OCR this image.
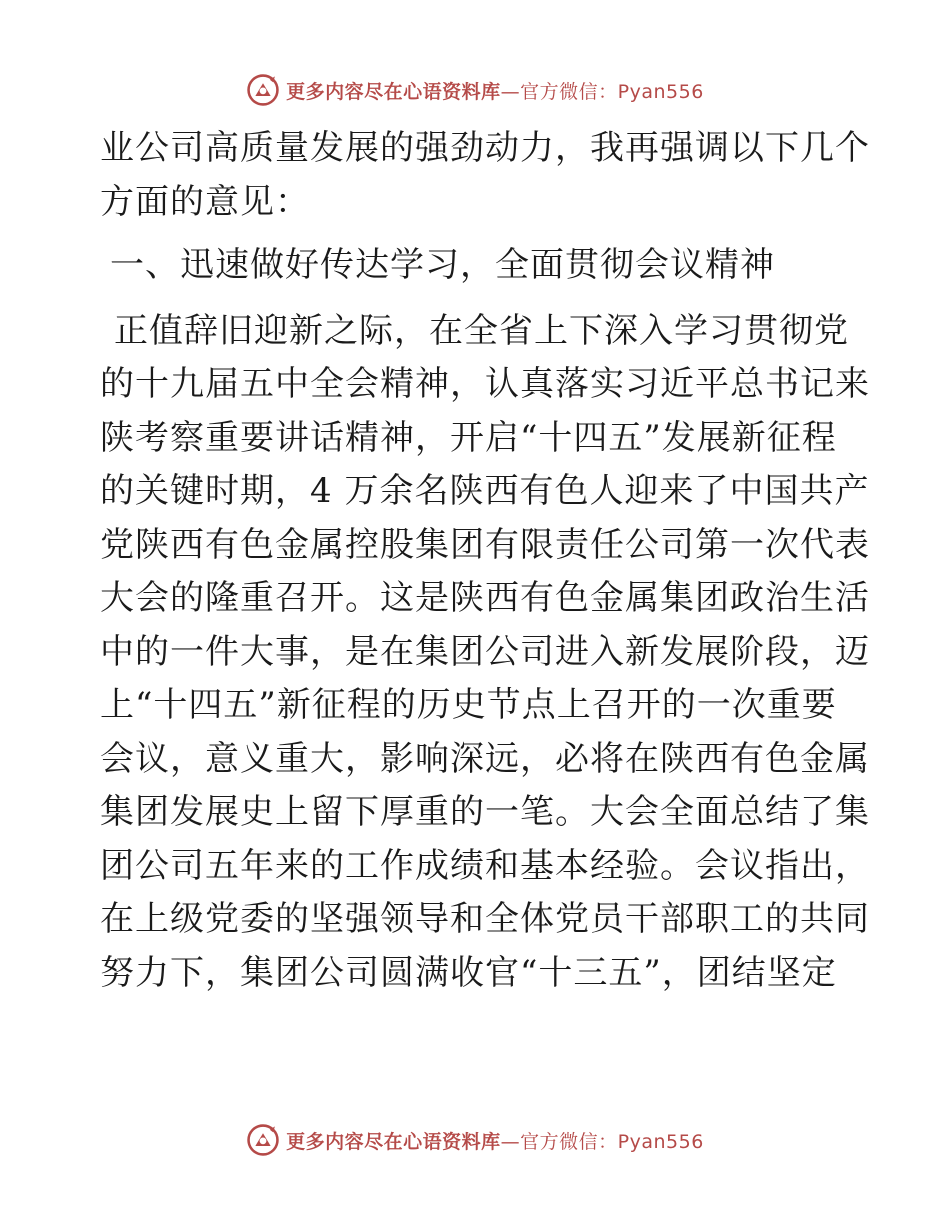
更多内容尽在心语资料库—官方微信：Pyan556
业公司高质量发展的强劲动力，我再强调以下几个
方面的意见：
一、迅速做好传达学习，全面贯彻会议精神
正值辞旧迎新之际，在全省上下深入学习贯彻党
的十九届五中全会精神，认真落实习近平总书记来
陕考察重要讲话精神，开启“十四五”发展新征程
的关键时期，4 万余名陕西有色人迎来了中国共产
党陕西有色金属控股集团有限责任公司第一次代表
大会的隆重召开。这是陕西有色金属集团政治生活
中的一件大事，是在集团公司进入新发展阶段，迈
上“十四五”新征程的历史节点上召开的一次重要
会议，意义重大，影响深远，必将在陕西有色金属
集团发展史上留下厚重的一笔。大会全面总结了集
团公司五年来的工作成绩和基本经验。会议指出，
在上级党委的坚强领导和全体党员干部职工的共同
努力下，集团公司圆满收官“十三五”，团结坚定
更多内容尽在心语资料库—官方微信：Pyan556
